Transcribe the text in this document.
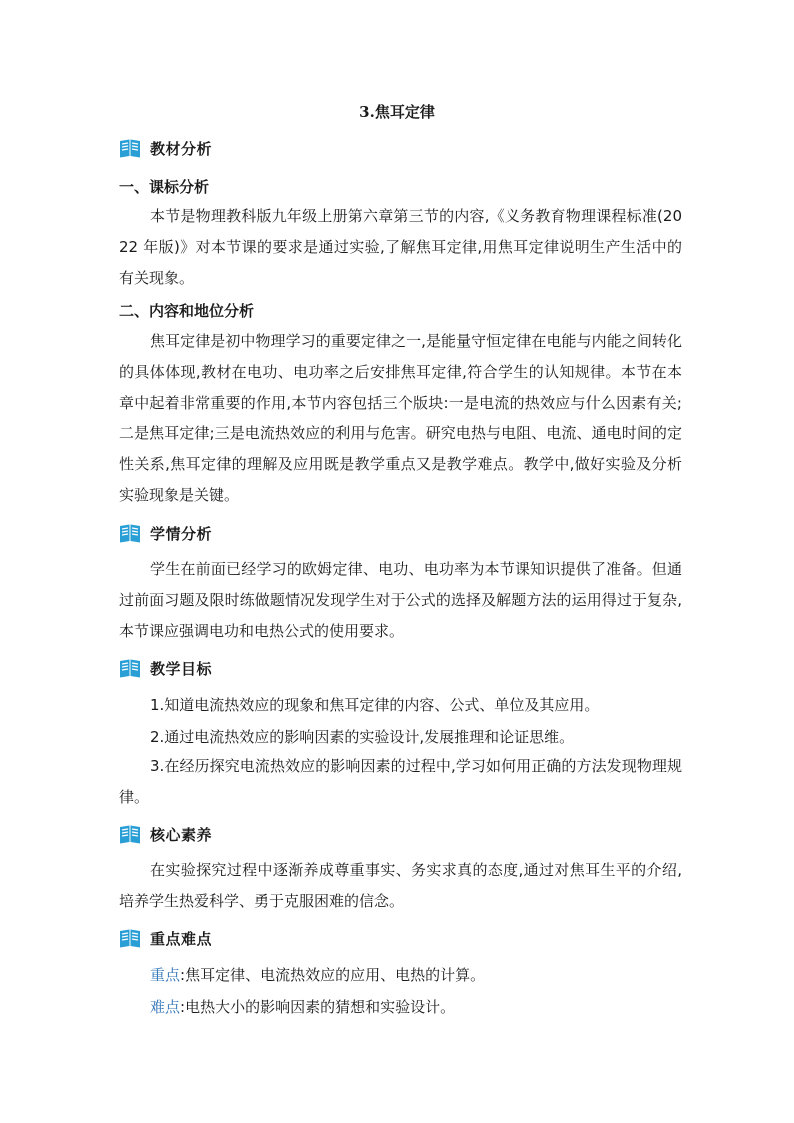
3.焦耳定律
教材分析
一、课标分析

本节是物理教科版九年级上册第六章第三节的内容,《义务教育物理课程标准(2022 年版)》对本节课的要求是通过实验,了解焦耳定律,用焦耳定律说明生产生活中的有关现象。

二、内容和地位分析

焦耳定律是初中物理学习的重要定律之一,是能量守恒定律在电能与内能之间转化的具体体现,教材在电功、电功率之后安排焦耳定律,符合学生的认知规律。本节在本章中起着非常重要的作用,本节内容包括三个版块:一是电流的热效应与什么因素有关;二是焦耳定律;三是电流热效应的利用与危害。研究电热与电阻、电流、通电时间的定性关系,焦耳定律的理解及应用既是教学重点又是教学难点。教学中,做好实验及分析实验现象是关键。

学情分析

学生在前面已经学习的欧姆定律、电功、电功率为本节课知识提供了准备。但通过前面习题及限时练做题情况发现学生对于公式的选择及解题方法的运用得过于复杂,本节课应强调电功和电热公式的使用要求。

教学目标
1.知道电流热效应的现象和焦耳定律的内容、公式、单位及其应用。
2.通过电流热效应的影响因素的实验设计,发展推理和论证思维。

3.在经历探究电流热效应的影响因素的过程中,学习如何用正确的方法发现物理规律。

核心素养

在实验探究过程中逐渐养成尊重事实、务实求真的态度,通过对焦耳生平的介绍,培养学生热爱科学、勇于克服困难的信念。

重点难点
重点:焦耳定律、电流热效应的应用、电热的计算。
难点:电热大小的影响因素的猜想和实验设计。
